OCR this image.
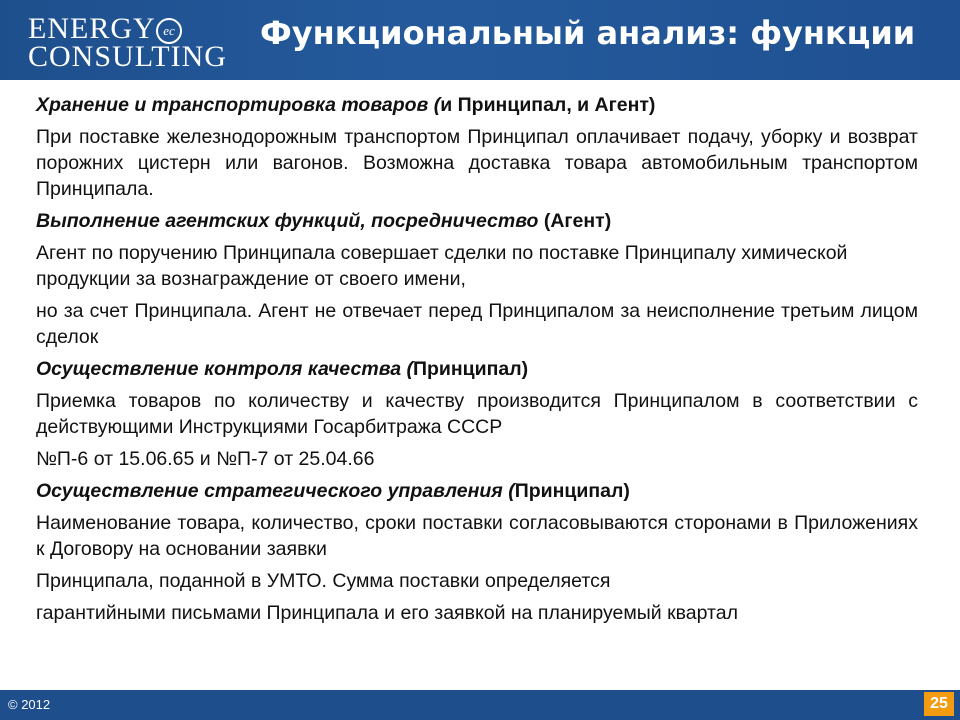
ENERGY ec
CONSULTING
Функциональный анализ: функции

Хранение и транспортировка товаров (и Принципал, и Агент)

При поставке железнодорожным транспортом Принципал оплачивает подачу, уборку и возврат порожних цистерн или вагонов. Возможна доставка товара автомобильным транспортом Принципала.

Выполнение агентских функций, посредничество (Агент)

Агент по поручению Принципала совершает сделки по поставке Принципалу химической продукции за вознаграждение от своего имени,

но за счет Принципала. Агент не отвечает перед Принципалом за неисполнение третьим лицом сделок

Осуществление контроля качества (Принципал)

Приемка товаров по количеству и качеству производится Принципалом в соответствии с действующими Инструкциями Госарбитража СССР

№П-6 от 15.06.65 и №П-7 от 25.04.66

Осуществление стратегического управления (Принципал)

Наименование товара, количество, сроки поставки согласовываются сторонами в Приложениях к Договору на основании заявки

Принципала, поданной в УМТО. Сумма поставки определяется

гарантийными письмами Принципала и его заявкой на планируемый квартал

© 2012	25
